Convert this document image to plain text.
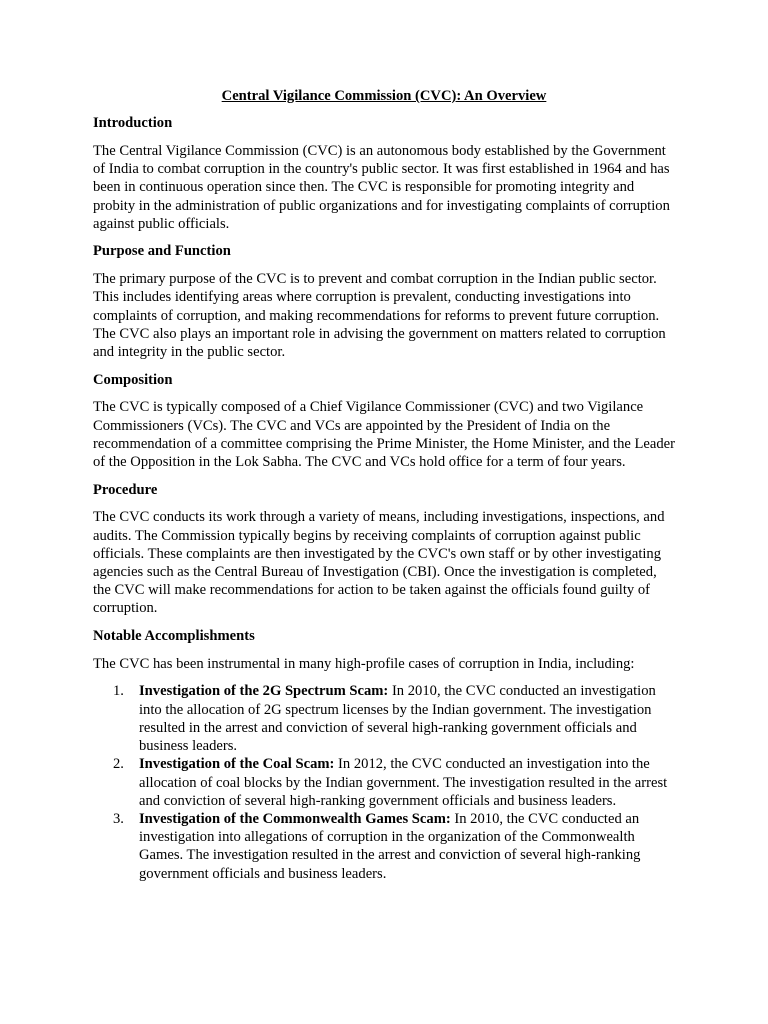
Central Vigilance Commission (CVC): An Overview
Introduction

The Central Vigilance Commission (CVC) is an autonomous body established by the Government of India to combat corruption in the country's public sector. It was first established in 1964 and has been in continuous operation since then. The CVC is responsible for promoting integrity and probity in the administration of public organizations and for investigating complaints of corruption against public officials.

Purpose and Function

The primary purpose of the CVC is to prevent and combat corruption in the Indian public sector. This includes identifying areas where corruption is prevalent, conducting investigations into complaints of corruption, and making recommendations for reforms to prevent future corruption. The CVC also plays an important role in advising the government on matters related to corruption and integrity in the public sector.

Composition

The CVC is typically composed of a Chief Vigilance Commissioner (CVC) and two Vigilance Commissioners (VCs). The CVC and VCs are appointed by the President of India on the recommendation of a committee comprising the Prime Minister, the Home Minister, and the Leader of the Opposition in the Lok Sabha. The CVC and VCs hold office for a term of four years.

Procedure

The CVC conducts its work through a variety of means, including investigations, inspections, and audits. The Commission typically begins by receiving complaints of corruption against public officials. These complaints are then investigated by the CVC's own staff or by other investigating agencies such as the Central Bureau of Investigation (CBI). Once the investigation is completed, the CVC will make recommendations for action to be taken against the officials found guilty of corruption.

Notable Accomplishments

The CVC has been instrumental in many high-profile cases of corruption in India, including:

1. Investigation of the 2G Spectrum Scam: In 2010, the CVC conducted an investigation into the allocation of 2G spectrum licenses by the Indian government. The investigation resulted in the arrest and conviction of several high-ranking government officials and business leaders.
2. Investigation of the Coal Scam: In 2012, the CVC conducted an investigation into the allocation of coal blocks by the Indian government. The investigation resulted in the arrest and conviction of several high-ranking government officials and business leaders.
3. Investigation of the Commonwealth Games Scam: In 2010, the CVC conducted an investigation into allegations of corruption in the organization of the Commonwealth Games. The investigation resulted in the arrest and conviction of several high-ranking government officials and business leaders.
